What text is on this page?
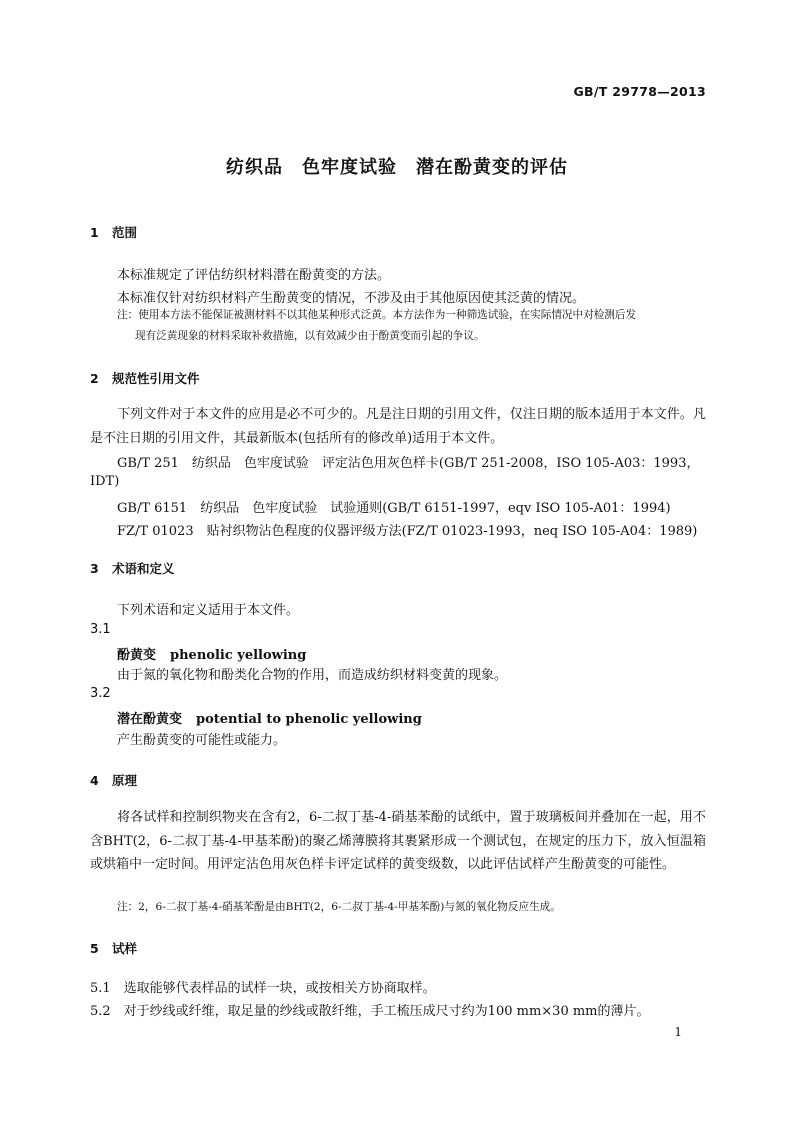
GB/T 29778—2013
纺织品　色牢度试验　潜在酚黄变的评估
1 范围
本标准规定了评估纺织材料潜在酚黄变的方法。
本标准仅针对纺织材料产生酚黄变的情况，不涉及由于其他原因使其泛黄的情况。
注：使用本方法不能保证被测材料不以其他某种形式泛黄。本方法作为一种筛选试验，在实际情况中对检测后发
现有泛黄现象的材料采取补救措施，以有效减少由于酚黄变而引起的争议。
2 规范性引用文件
下列文件对于本文件的应用是必不可少的。凡是注日期的引用文件，仅注日期的版本适用于本文件。凡是不注日期的引用文件，其最新版本(包括所有的修改单)适用于本文件。
GB/T 251　纺织品　色牢度试验　评定沾色用灰色样卡(GB/T 251-2008，ISO 105-A03：1993，
IDT)
GB/T 6151　纺织品　色牢度试验　试验通则(GB/T 6151-1997，eqv ISO 105-A01：1994)
FZ/T 01023　贴衬织物沾色程度的仪器评级方法(FZ/T 01023-1993，neq ISO 105-A04：1989)
3 术语和定义
下列术语和定义适用于本文件。
3.1
酚黄变 phenolic yellowing
由于氮的氧化物和酚类化合物的作用，而造成纺织材料变黄的现象。
3.2
潜在酚黄变 potential to phenolic yellowing
产生酚黄变的可能性或能力。
4 原理
将各试样和控制织物夹在含有2，6-二叔丁基-4-硝基苯酚的试纸中，置于玻璃板间并叠加在一起，用不含BHT(2，6-二叔丁基-4-甲基苯酚)的聚乙烯薄膜将其裹紧形成一个测试包，在规定的压力下，放入恒温箱或烘箱中一定时间。用评定沾色用灰色样卡评定试样的黄变级数，以此评估试样产生酚黄变的可能性。
注：2，6-二叔丁基-4-硝基苯酚是由BHT(2，6-二叔丁基-4-甲基苯酚)与氮的氧化物反应生成。
5 试样
5.1　选取能够代表样品的试样一块，或按相关方协商取样。
5.2　对于纱线或纤维，取足量的纱线或散纤维，手工梳压成尺寸约为100 mm×30 mm的薄片。
1
